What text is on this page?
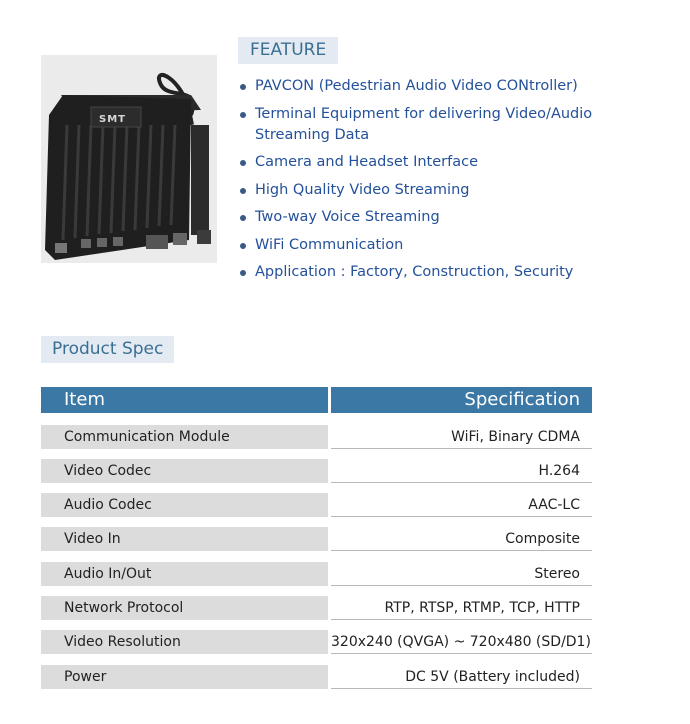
SMT
FEATURE
PAVCON (Pedestrian Audio Video CONtroller)
Terminal Equipment for delivering Video/Audio Streaming Data
Camera and Headset Interface
High Quality Video Streaming
Two-way Voice Streaming
WiFi Communication
Application : Factory, Construction, Security
Product Spec
Item	Specification
Communication Module	WiFi, Binary CDMA
Video Codec	H.264
Audio Codec	AAC-LC
Video In	Composite
Audio In/Out	Stereo
Network Protocol	RTP, RTSP, RTMP, TCP, HTTP
Video Resolution	320x240 (QVGA) ~ 720x480 (SD/D1)
Power	DC 5V (Battery included)
